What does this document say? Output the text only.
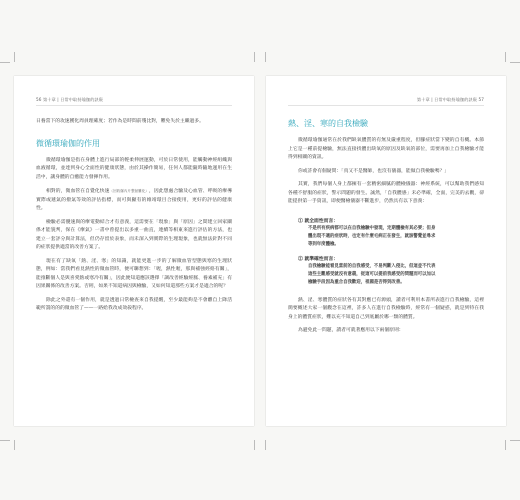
56 第十章 | 日常中取持瑜伽的訣竅

日養當下的攻速獲化周員理確度；若作為是時間前殘比對，難免失於主繼過多。

微循環瑜伽的作用

微循環瑜伽是指在身體上進行局部的輕柔伸展運動，可於日常使用，能觸動神經組織與血液循環，並達到身心全面性的健康狀態，由於其操作簡易，任何人都能隨時隨地運用在生活中，讓身體的自癒能力發揮作用。

相對的，微血管在自覺化快速（回收爆內片整射難化），因此想處合驗及心血管、呼吸的療導實際或遞氣的撥氣等效的評估指標，而可與顯有的維靖環目合接使用，更好的評估的健康性。

檢驗必需優速與的療電動結合才有意義，這需要在「現象」與「原因」之間建立回家關係才能貌判，保在《療氣》一書中曾提出以多重一曲直，連續等相東來進行評估的方法，也建立一套評分與計算法，但仍存留於表象，而未深入到實際的生理現象，也就無法針對不同的症狀提供適當的改善方案了。

現在有了缺氧「熱、淫、寒」的知識，就能更進一步的了解微血管型態與寒的生理狀態，例如：當我們看見熱性的微血管時，便可聯想到：「喔，熱性喔，那與補強經絡有關」，能推斷個人是與喜愛熱或寒冷有關」，因此便知道應該選擇「調改善經驗經脈、養素補充」有因果關係的改善方案。否則，如果不知道病因與檢驗，又如何知道那些方案才是適合的呢？

除此之外還有一個作用，就是透過日常檢查來自我提醒，至少最能夠是不會離自上降活範所謂的的的微血管了——一路給我改成效殺程序。

第十章 | 日常中取持瑜伽的訣竅 57
熱、淫、寒的自我檢驗

微循環瑜伽通常在於我們缺氧體質的有無及嚴重程度，但腳症狀當下變的自有概。本節上它是一種前提檢驗，無法直接找體出缺氧的原因及缺氧的部位，需要再加上自我檢驗才能得到相關的資訊。

你或許會有個疑問：「真又不是醫師，也沒有儀器，能做自我檢驗嗎？」

其實，我們每個人身上都擁有一套精密細膩的體檢儀器：神經系統，可以幫助我們感知各種不舒服的症狀，警示問題的發生。誠然，「自我體感」未必準確，全面，完美的去觀，卻能提供第一手資訊，即便醫檢儀器不斷進步，仍然具有以下意義：

① 就全面性而言：
不是所有疾病都可以在自我檢驗中發現，定期體檢有其必要；但身
體出現不適的症狀時，也定有什麼毛病正在發生，就該警覺並尋求
等到年度體檢。
② 就準確性而言：
自我檢驗能看見當前的自我感受，不易判斷入侵比，但這並不代表
這些主觀感受就沒有意義，從這可以提前我感受的問題而可以加以
檢驗手段因為重合自我歡迎，祖國是否得到改善。

熱、淫、寒體質的症狀各有其對應已有源頭，讀者可利用本書所表進行自我檢驗，這裡簡要概述大家一個觀念在這裡，許多人在進行自我檢驗時，經常有一個疑惑，就是到特在我身上的體質症狀，難以充不知道自己到底屬於哪一類的體質。

為避免此一問題，讀者可就著應用以下兩個原則：
